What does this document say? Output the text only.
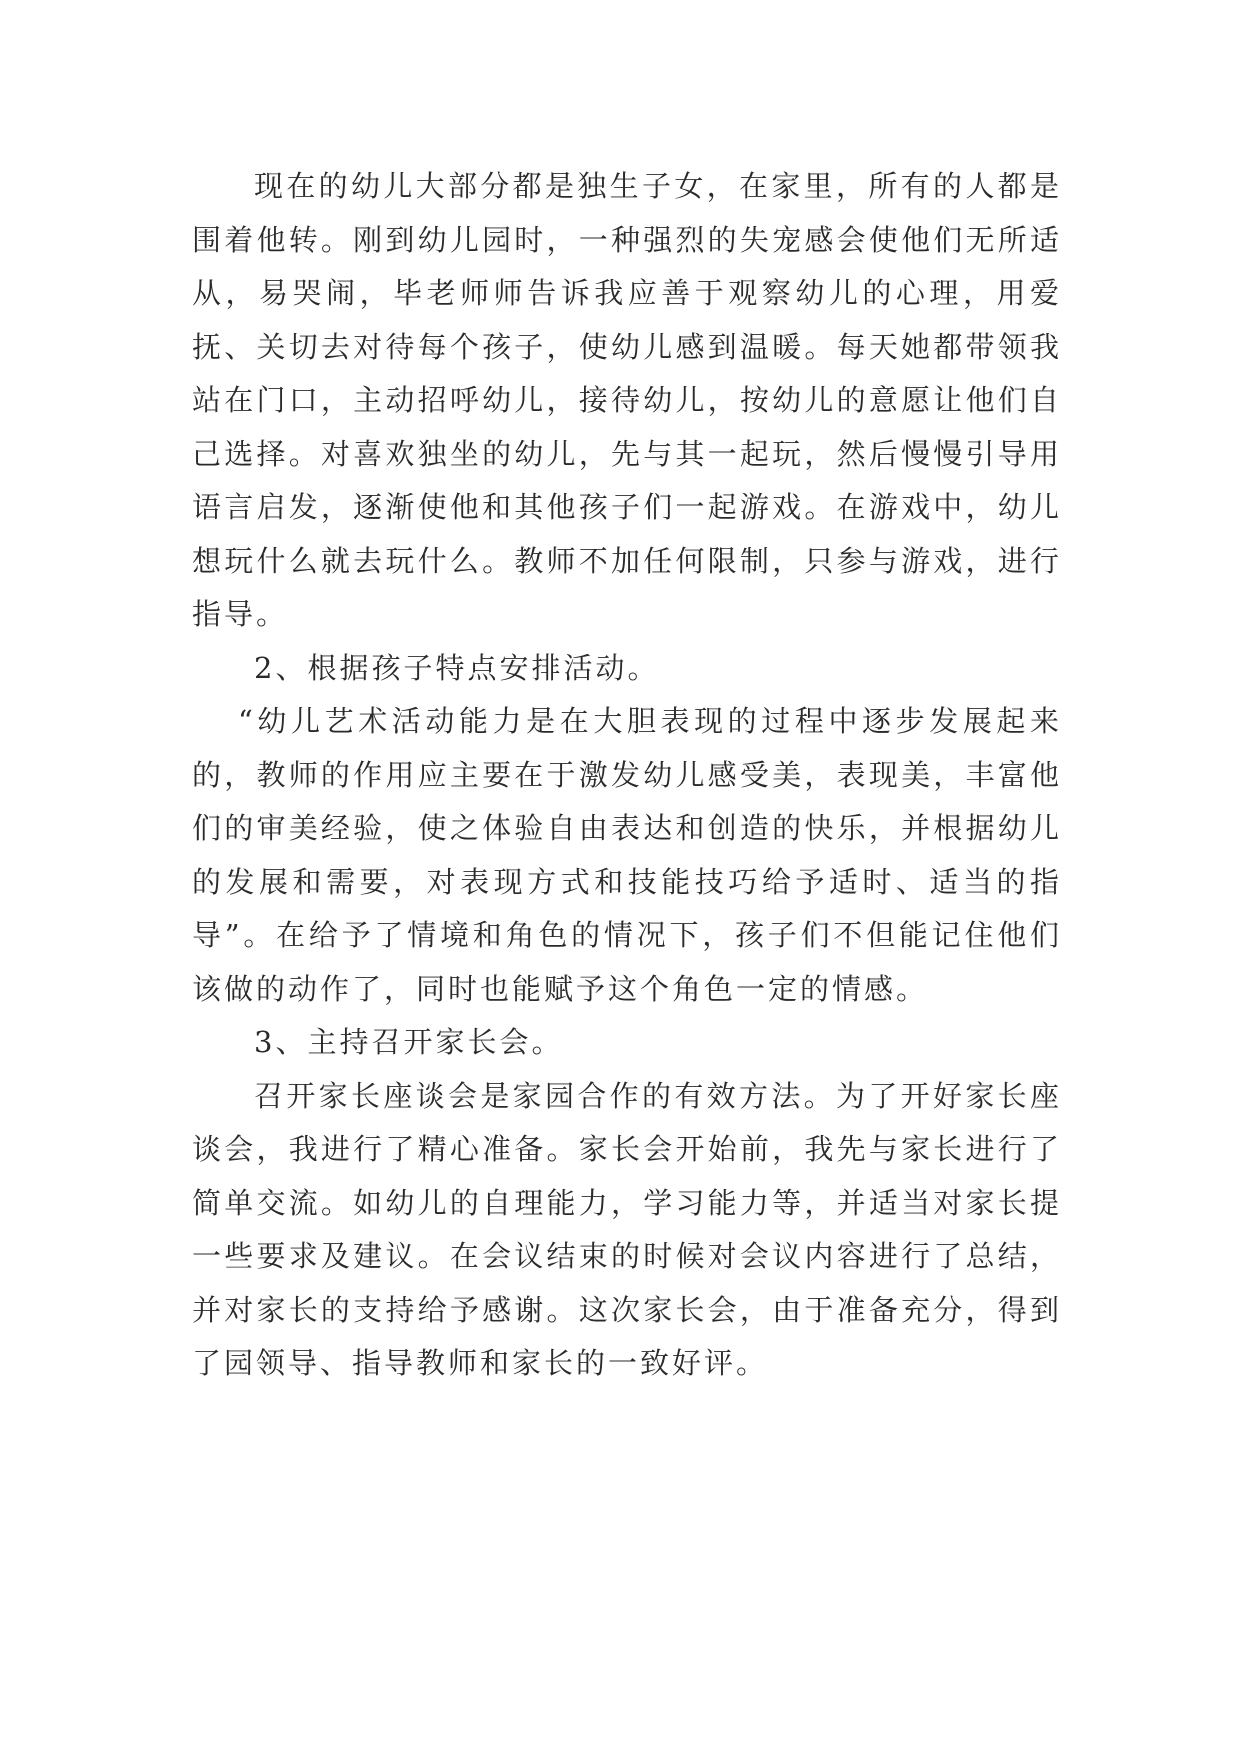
现在的幼儿大部分都是独生子女，在家里，所有的人都是围着他转。刚到幼儿园时，一种强烈的失宠感会使他们无所适从，易哭闹，毕老师师告诉我应善于观察幼儿的心理，用爱抚、关切去对待每个孩子，使幼儿感到温暖。每天她都带领我站在门口，主动招呼幼儿，接待幼儿，按幼儿的意愿让他们自己选择。对喜欢独坐的幼儿，先与其一起玩，然后慢慢引导用语言启发，逐渐使他和其他孩子们一起游戏。在游戏中，幼儿想玩什么就去玩什么。教师不加任何限制，只参与游戏，进行指导。

2、根据孩子特点安排活动。

“幼儿艺术活动能力是在大胆表现的过程中逐步发展起来的，教师的作用应主要在于激发幼儿感受美，表现美，丰富他们的审美经验，使之体验自由表达和创造的快乐，并根据幼儿的发展和需要，对表现方式和技能技巧给予适时、适当的指导”。在给予了情境和角色的情况下，孩子们不但能记住他们该做的动作了，同时也能赋予这个角色一定的情感。

3、主持召开家长会。

召开家长座谈会是家园合作的有效方法。为了开好家长座谈会，我进行了精心准备。家长会开始前，我先与家长进行了简单交流。如幼儿的自理能力，学习能力等，并适当对家长提一些要求及建议。在会议结束的时候对会议内容进行了总结，并对家长的支持给予感谢。这次家长会，由于准备充分，得到了园领导、指导教师和家长的一致好评。
